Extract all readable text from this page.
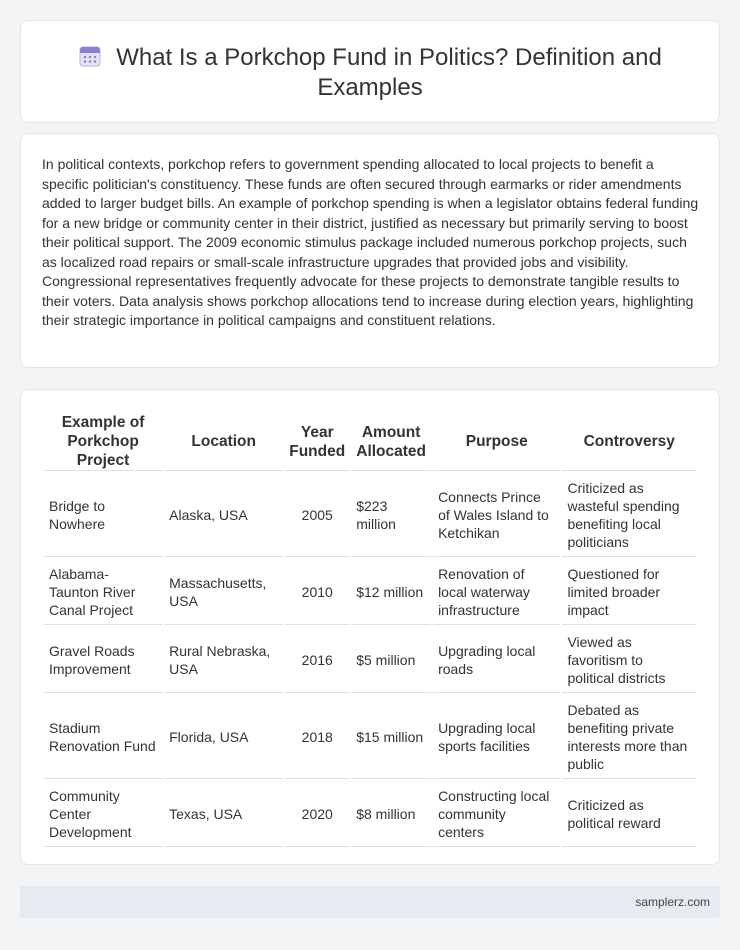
What Is a Porkchop Fund in Politics? Definition and Examples

In political contexts, porkchop refers to government spending allocated to local projects to benefit a specific politician's constituency. These funds are often secured through earmarks or rider amendments added to larger budget bills. An example of porkchop spending is when a legislator obtains federal funding for a new bridge or community center in their district, justified as necessary but primarily serving to boost their political support. The 2009 economic stimulus package included numerous porkchop projects, such as localized road repairs or small-scale infrastructure upgrades that provided jobs and visibility. Congressional representatives frequently advocate for these projects to demonstrate tangible results to their voters. Data analysis shows porkchop allocations tend to increase during election years, highlighting their strategic importance in political campaigns and constituent relations.

Example of Porkchop Project	Location	Year Funded	Amount Allocated	Purpose	Controversy
Bridge to Nowhere	Alaska, USA	2005	$223 million	Connects Prince of Wales Island to Ketchikan	Criticized as wasteful spending benefiting local politicians
Alabama-Taunton River Canal Project	Massachusetts, USA	2010	$12 million	Renovation of local waterway infrastructure	Questioned for limited broader impact
Gravel Roads Improvement	Rural Nebraska, USA	2016	$5 million	Upgrading local roads	Viewed as favoritism to political districts
Stadium Renovation Fund	Florida, USA	2018	$15 million	Upgrading local sports facilities	Debated as benefiting private interests more than public
Community Center Development	Texas, USA	2020	$8 million	Constructing local community centers	Criticized as political reward
samplerz.com
